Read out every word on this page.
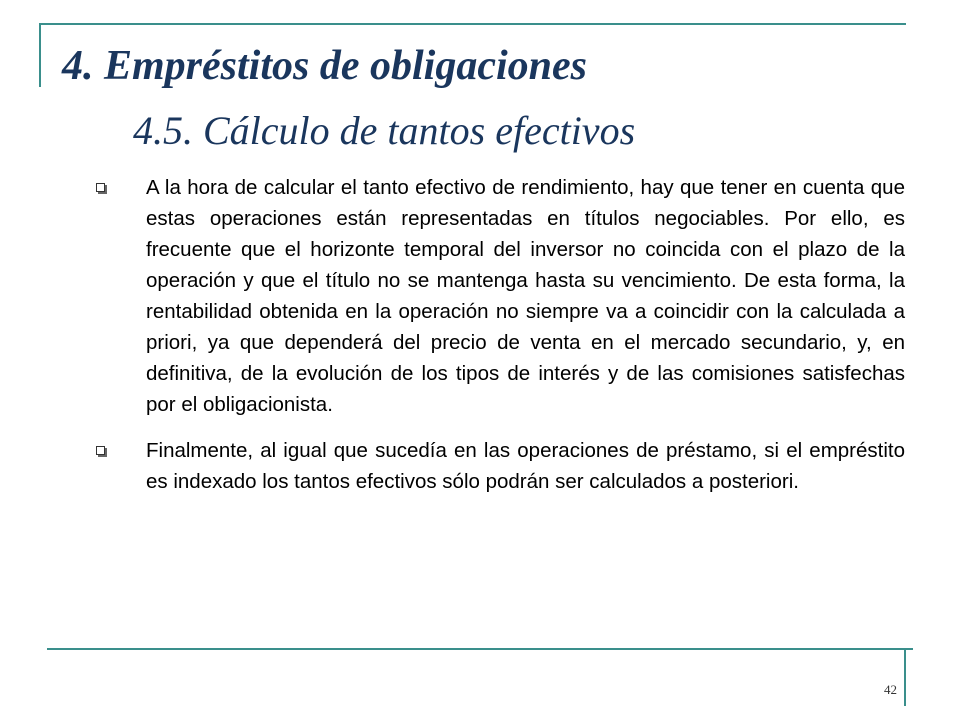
4. Empréstitos de obligaciones
4.5. Cálculo de tantos efectivos
A la hora de calcular el tanto efectivo de rendimiento, hay que tener en cuenta que estas operaciones están representadas en títulos negociables. Por ello, es frecuente que el horizonte temporal del inversor no coincida con el plazo de la operación y que el título no se mantenga hasta su vencimiento. De esta forma, la rentabilidad obtenida en la operación no siempre va a coincidir con la calculada a priori, ya que dependerá del precio de venta en el mercado secundario, y, en definitiva, de la evolución de los tipos de interés y de las comisiones satisfechas por el obligacionista.
Finalmente, al igual que sucedía en las operaciones de préstamo, si el empréstito es indexado los tantos efectivos sólo podrán ser calculados a posteriori.

42
